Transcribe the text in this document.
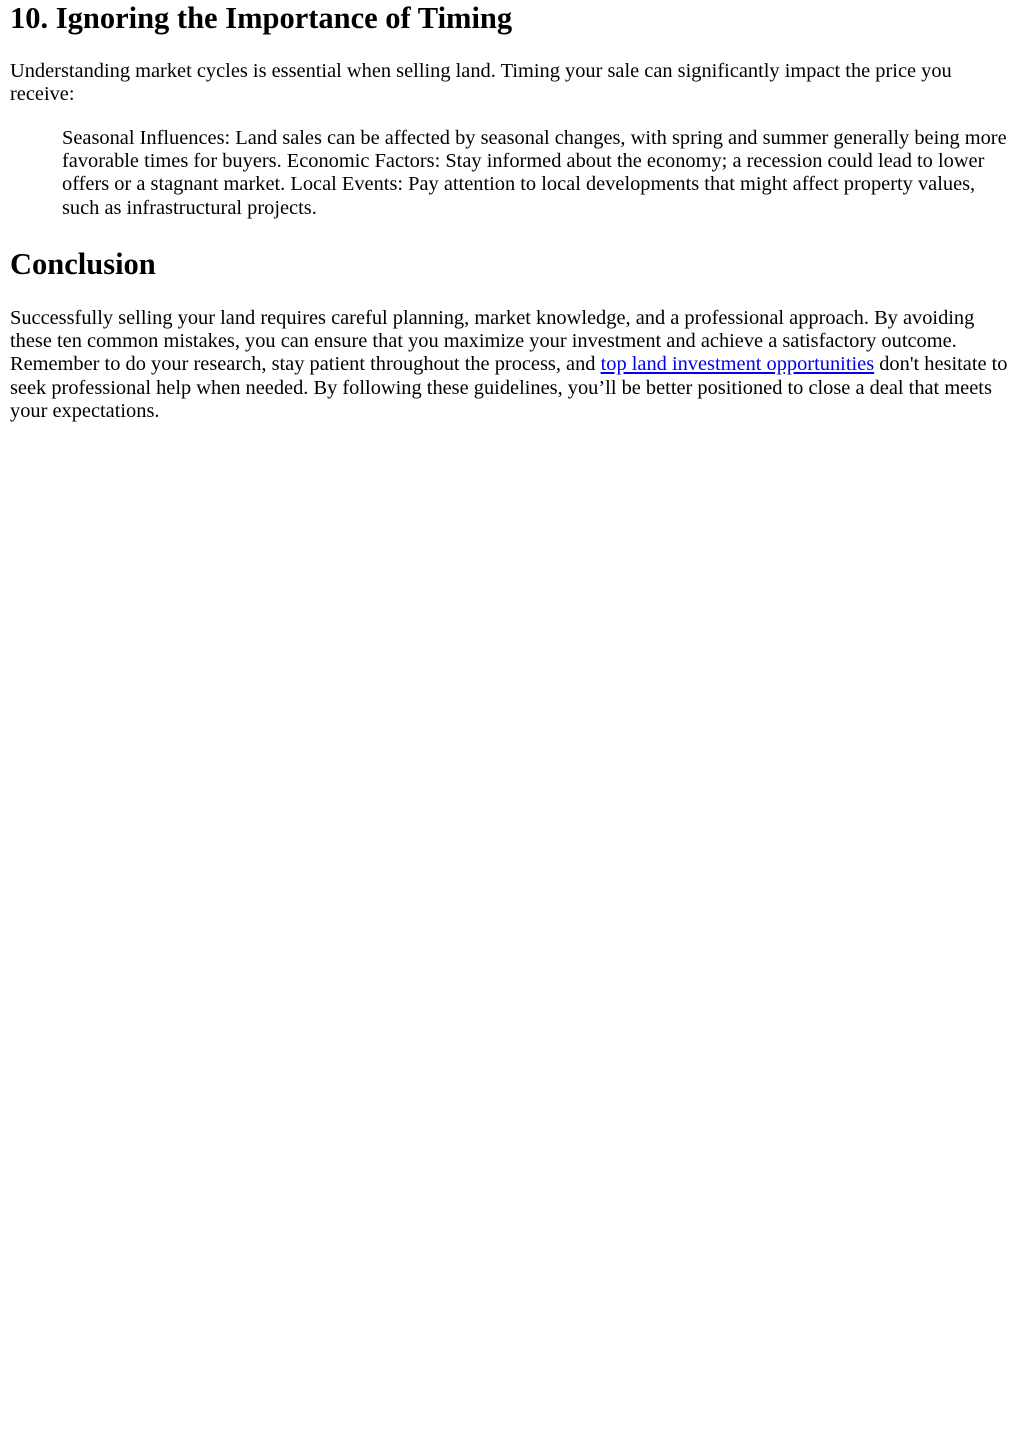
10. Ignoring the Importance of Timing

Understanding market cycles is essential when selling land. Timing your sale can significantly impact the price you receive:

Seasonal Influences: Land sales can be affected by seasonal changes, with spring and summer generally being more favorable times for buyers. Economic Factors: Stay informed about the economy; a recession could lead to lower offers or a stagnant market. Local Events: Pay attention to local developments that might affect property values, such as infrastructural projects.
Conclusion

Successfully selling your land requires careful planning, market knowledge, and a professional approach. By avoiding these ten common mistakes, you can ensure that you maximize your investment and achieve a satisfactory outcome. Remember to do your research, stay patient throughout the process, and top land investment opportunities don't hesitate to seek professional help when needed. By following these guidelines, you’ll be better positioned to close a deal that meets your expectations.
